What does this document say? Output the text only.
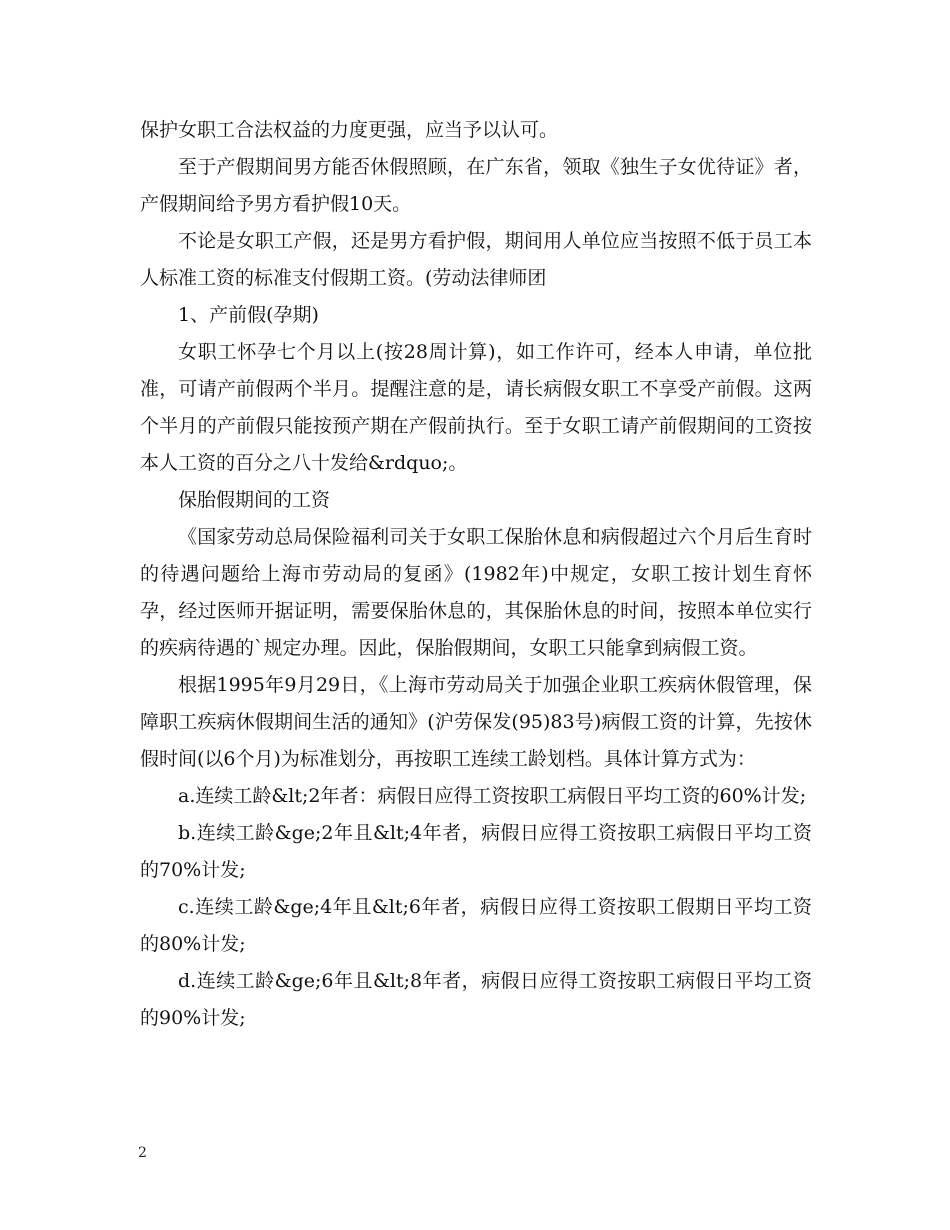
保护女职工合法权益的力度更强，应当予以认可。

至于产假期间男方能否休假照顾，在广东省，领取《独生子女优待证》者，产假期间给予男方看护假10天。

不论是女职工产假，还是男方看护假，期间用人单位应当按照不低于员工本人标准工资的标准支付假期工资。(劳动法律师团

1、产前假(孕期)

女职工怀孕七个月以上(按28周计算)，如工作许可，经本人申请，单位批准，可请产前假两个半月。提醒注意的是，请长病假女职工不享受产前假。这两个半月的产前假只能按预产期在产假前执行。至于女职工请产前假期间的工资按本人工资的百分之八十发给&rdquo;。

保胎假期间的工资

《国家劳动总局保险福利司关于女职工保胎休息和病假超过六个月后生育时的待遇问题给上海市劳动局的复函》(1982年)中规定，女职工按计划生育怀 孕，经过医师开据证明，需要保胎休息的，其保胎休息的时间，按照本单位实行的疾病待遇的`规定办理。因此，保胎假期间，女职工只能拿到病假工资。

根据1995年9月29日，《上海市劳动局关于加强企业职工疾病休假管理，保障职工疾病休假期间生活的通知》(沪劳保发(95)83号)病假工资的计算，先按休假时间(以6个月)为标准划分，再按职工连续工龄划档。具体计算方式为：

a.连续工龄&lt;2年者：病假日应得工资按职工病假日平均工资的60%计发;

b.连续工龄&ge;2年且&lt;4年者，病假日应得工资按职工病假日平均工资的70%计发;

c.连续工龄&ge;4年且&lt;6年者，病假日应得工资按职工假期日平均工资的80%计发;

d.连续工龄&ge;6年且&lt;8年者，病假日应得工资按职工病假日平均工资的90%计发;

2
